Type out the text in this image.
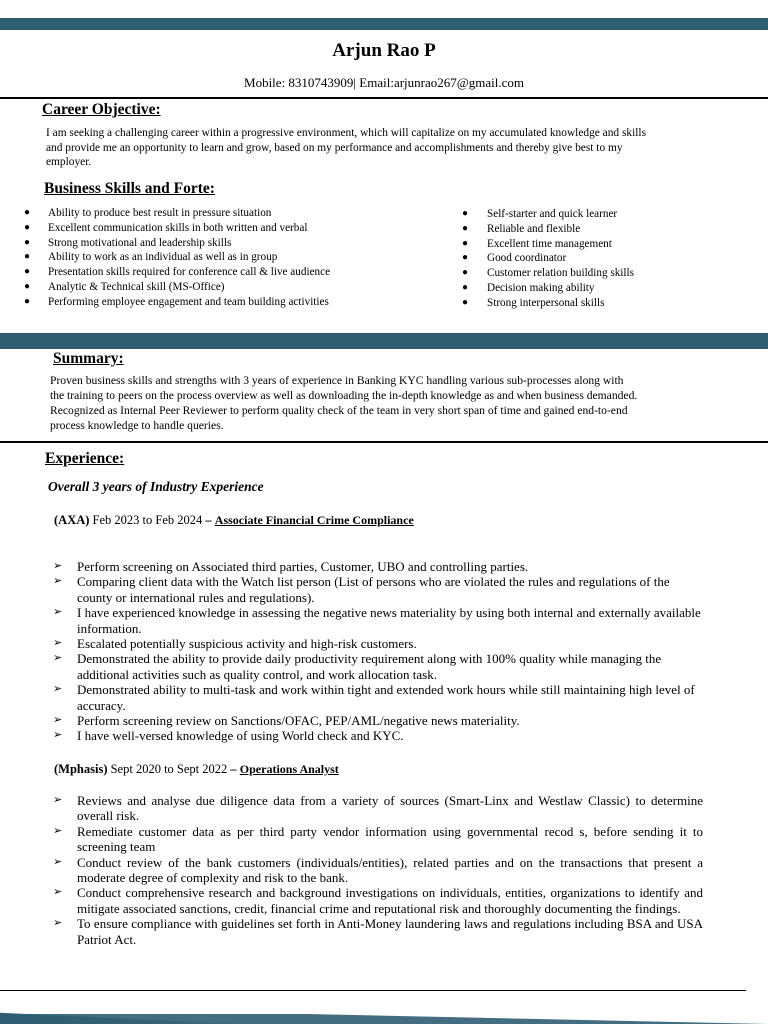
Arjun Rao P
Mobile: 8310743909| Email:arjunrao267@gmail.com
Career Objective:
I am seeking a challenging career within a progressive environment, which will capitalize on my accumulated knowledge and skills
and provide me an opportunity to learn and grow, based on my performance and accomplishments and thereby give best to my
employer.
Business Skills and Forte:
● Ability to produce best result in pressure situation
● Excellent communication skills in both written and verbal
● Strong motivational and leadership skills
● Ability to work as an individual as well as in group
● Presentation skills required for conference call & live audience
● Analytic & Technical skill (MS-Office)
● Performing employee engagement and team building activities
● Self-starter and quick learner
● Reliable and flexible
● Excellent time management
● Good coordinator
● Customer relation building skills
● Decision making ability
● Strong interpersonal skills
Summary:
Proven business skills and strengths with 3 years of experience in Banking KYC handling various sub-processes along with
the training to peers on the process overview as well as downloading the in-depth knowledge as and when business demanded.
Recognized as Internal Peer Reviewer to perform quality check of the team in very short span of time and gained end-to-end
process knowledge to handle queries.
Experience:
Overall 3 years of Industry Experience
(AXA) Feb 2023 to Feb 2024 – Associate Financial Crime Compliance
➢ Perform screening on Associated third parties, Customer, UBO and controlling parties.
➢ Comparing client data with the Watch list person (List of persons who are violated the rules and regulations of the county or international rules and regulations).
➢ I have experienced knowledge in assessing the negative news materiality by using both internal and externally available information.
➢ Escalated potentially suspicious activity and high-risk customers.
➢ Demonstrated the ability to provide daily productivity requirement along with 100% quality while managing the additional activities such as quality control, and work allocation task.
➢ Demonstrated ability to multi-task and work within tight and extended work hours while still maintaining high level of accuracy.
➢ Perform screening review on Sanctions/OFAC, PEP/AML/negative news materiality.
➢ I have well-versed knowledge of using World check and KYC.
(Mphasis) Sept 2020 to Sept 2022 – Operations Analyst
➢ Reviews and analyse due diligence data from a variety of sources (Smart-Linx and Westlaw Classic) to determine overall risk.
➢ Remediate customer data as per third party vendor information using governmental recod s, before sending it to screening team
➢ Conduct review of the bank customers (individuals/entities), related parties and on the transactions that present a moderate degree of complexity and risk to the bank.
➢ Conduct comprehensive research and background investigations on individuals, entities, organizations to identify and mitigate associated sanctions, credit, financial crime and reputational risk and thoroughly documenting the findings.
➢ To ensure compliance with guidelines set forth in Anti-Money laundering laws and regulations including BSA and USA Patriot Act.
